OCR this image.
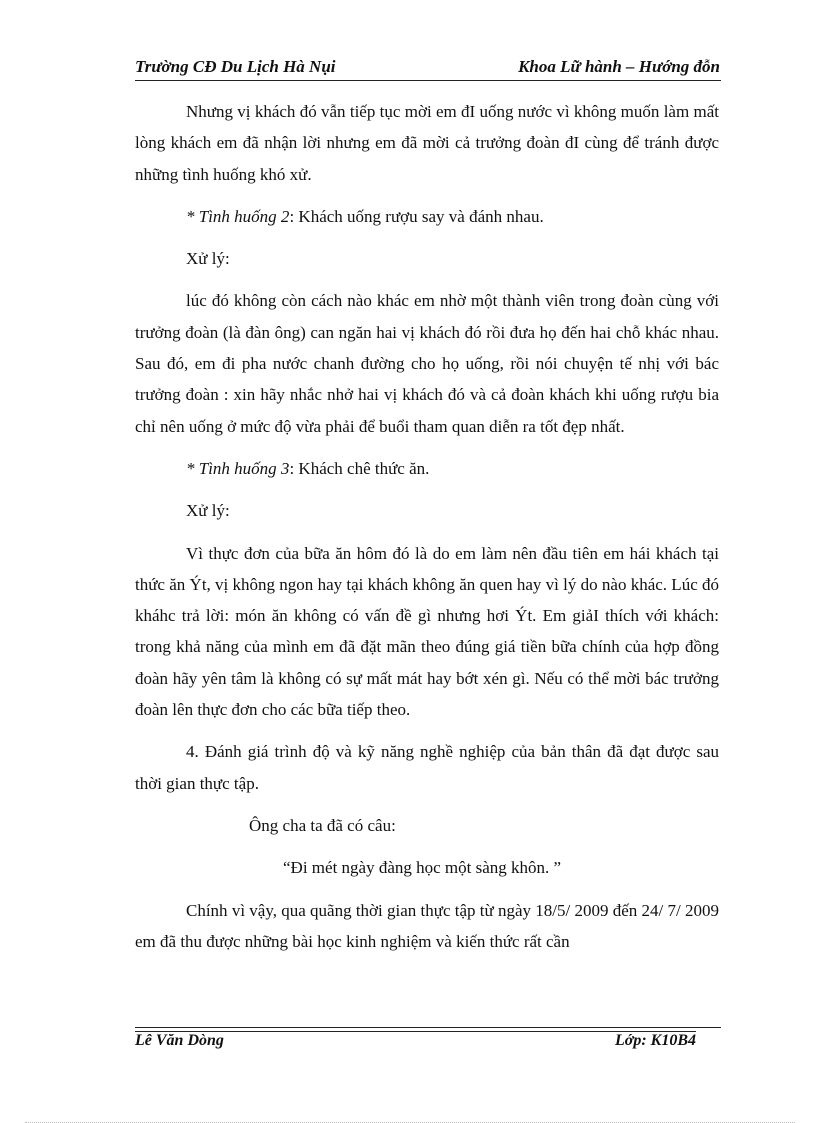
Trường CĐ Du Lịch Hà Nụi	Khoa Lữ hành – Hướng đỗn

Nhưng vị khách đó vẫn tiếp tục mời em đI uống nước vì không muốn làm mất lòng khách em đã nhận lời nhưng em đã mời cả trưởng đoàn đI cùng để tránh được những tình huống khó xử.

* Tình huống 2: Khách uống rượu say và đánh nhau.

Xử lý:

lúc đó không còn cách nào khác em nhờ một thành viên trong đoàn cùng với trưởng đoàn (là đàn ông) can ngăn hai vị khách đó rồi đưa họ đến hai chỗ khác nhau. Sau đó, em đi pha nước chanh đường cho họ uống, rồi nói chuyện tế nhị với bác trưởng đoàn : xin hãy nhắc nhở hai vị khách đó và cả đoàn khách khi uống rượu bia chỉ nên uống ở mức độ vừa phải để buổi tham quan diễn ra tốt đẹp nhất.

* Tình huống 3: Khách chê thức ăn.

Xử lý:

Vì thực đơn của bữa ăn hôm đó là do em làm nên đầu tiên em hái khách tại thức ăn Ýt, vị không ngon hay tại khách không ăn quen hay vì lý do nào khác. Lúc đó kháhc trả lời: món ăn không có vấn đề gì nhưng hơi Ýt. Em giảI thích với khách: trong khả năng của mình em đã đặt mãn theo đúng giá tiền bữa chính của hợp đồng đoàn hãy yên tâm là không có sự mất mát hay bớt xén gì. Nếu có thể mời bác trưởng đoàn lên thực đơn cho các bữa tiếp theo.

4. Đánh giá trình độ và kỹ năng nghề nghiệp của bản thân đã đạt được sau thời gian thực tập.

Ông cha ta đã có câu:

“Đi mét ngày đàng học một sàng khôn. ”

Chính vì vậy, qua quãng thời gian thực tập từ ngày 18/5/ 2009 đến 24/ 7/ 2009 em đã thu được những bài học kinh nghiệm và kiến thức rất cần

Lê Văn Dòng	Lớp: K10B4
